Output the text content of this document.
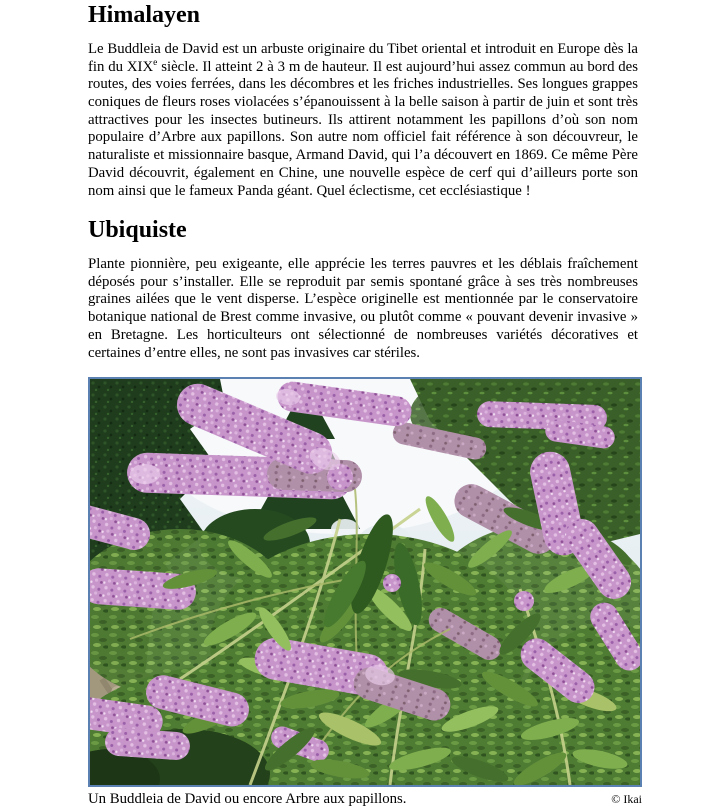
Himalayen

Le Buddleia de David est un arbuste originaire du Tibet oriental et introduit en Europe dès la fin du XIXe siècle. Il atteint 2 à 3 m de hauteur. Il est aujourd’hui assez commun au bord des routes, des voies ferrées, dans les décombres et les friches industrielles. Ses longues grappes coniques de fleurs roses violacées s’épanouissent à la belle saison à partir de juin et sont très attractives pour les insectes butineurs. Ils attirent notamment les papillons d’où son nom populaire d’Arbre aux papillons. Son autre nom officiel fait référence à son découvreur, le naturaliste et missionnaire basque, Armand David, qui l’a découvert en 1869. Ce même Père David découvrit, également en Chine, une nouvelle espèce de cerf qui d’ailleurs porte son nom ainsi que le fameux Panda géant. Quel éclectisme, cet ecclésiastique !

Ubiquiste

Plante pionnière, peu exigeante, elle apprécie les terres pauvres et les déblais fraîchement déposés pour s’installer. Elle se reproduit par semis spontané grâce à ses très nombreuses graines ailées que le vent disperse. L’espèce originelle est mentionnée par le conservatoire botanique national de Brest comme invasive, ou plutôt comme « pouvant devenir invasive » en Bretagne. Les horticulteurs ont sélectionné de nombreuses variétés décoratives et certaines d’entre elles, ne sont pas invasives car stériles.

Un Buddleia de David ou encore Arbre aux papillons.	© Ikai
